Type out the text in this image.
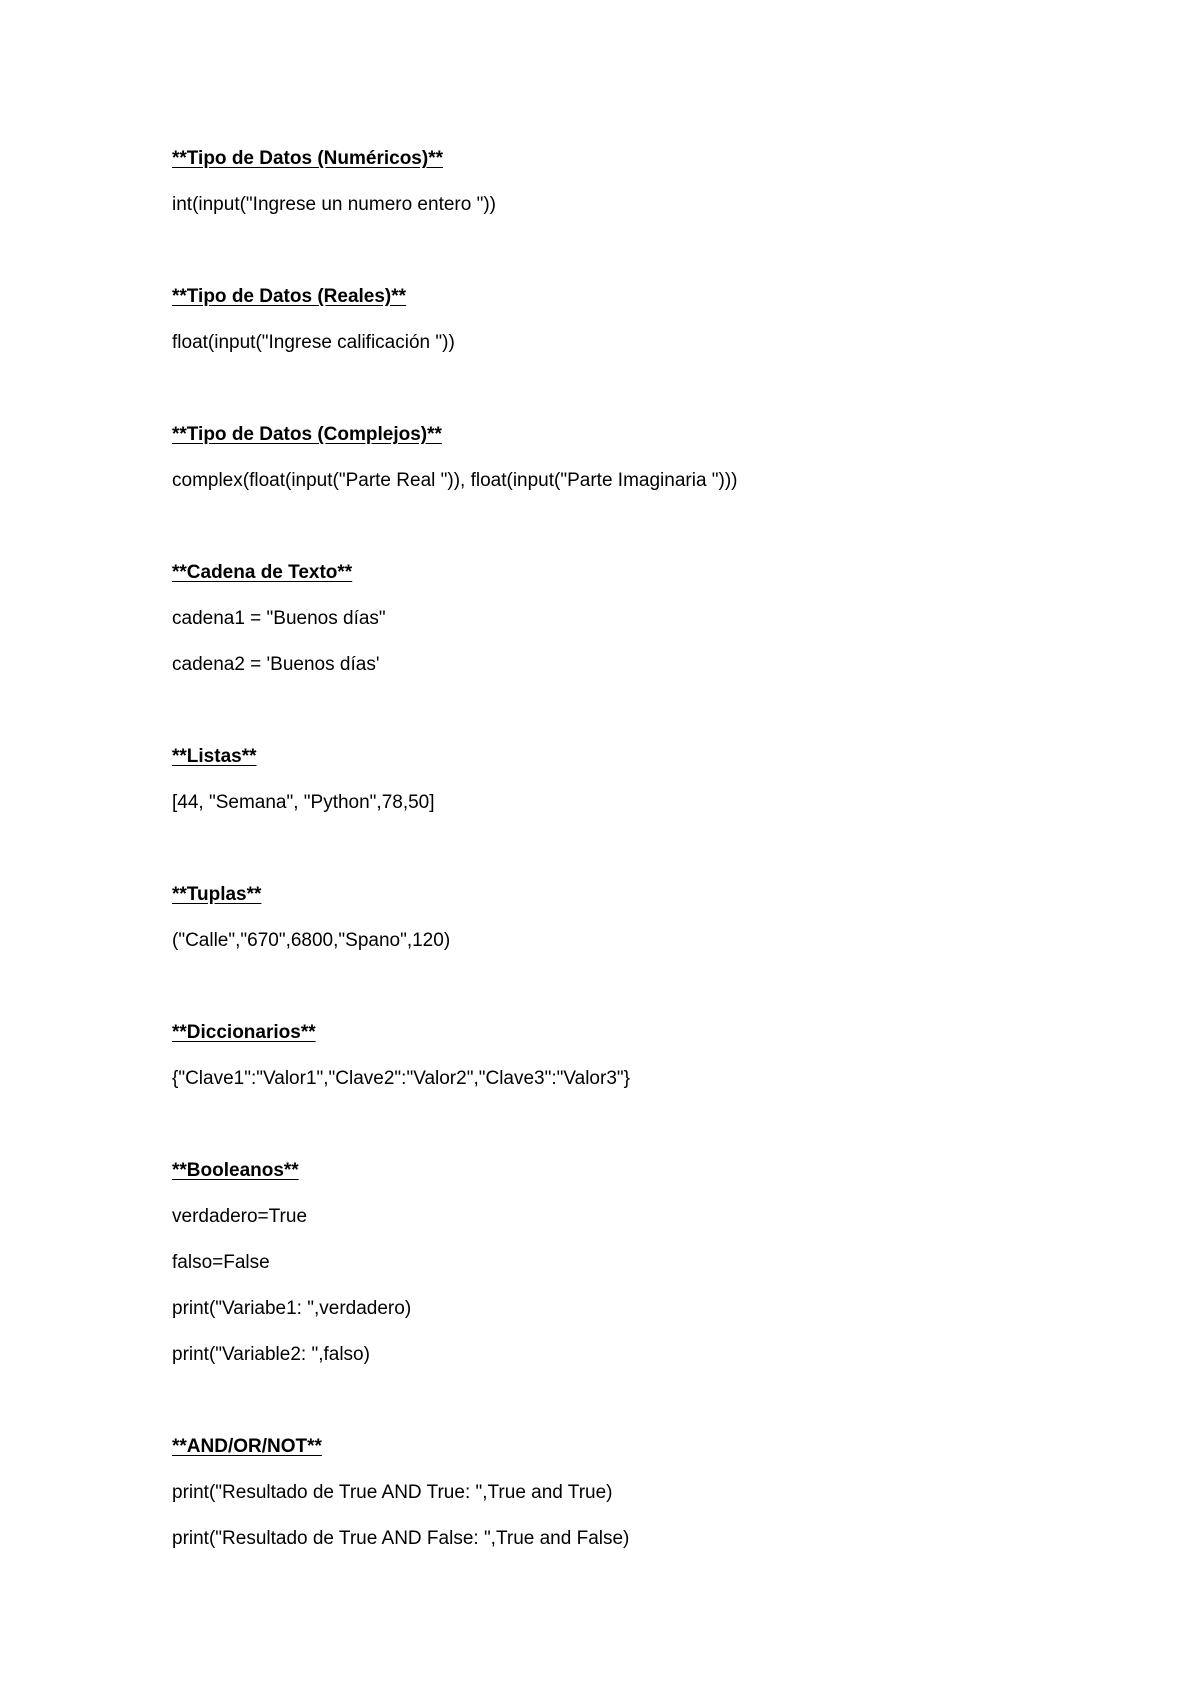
**Tipo de Datos (Numéricos)**
int(input("Ingrese un numero entero "))
**Tipo de Datos (Reales)**
float(input("Ingrese calificación "))
**Tipo de Datos (Complejos)**
complex(float(input("Parte Real ")), float(input("Parte Imaginaria ")))
**Cadena de Texto**
cadena1 = "Buenos días"
cadena2 = 'Buenos días'
**Listas**
[44, "Semana", "Python",78,50]
**Tuplas**
("Calle","670",6800,"Spano",120)
**Diccionarios**
{"Clave1":"Valor1","Clave2":"Valor2","Clave3":"Valor3"}
**Booleanos**
verdadero=True
falso=False
print("Variabe1: ",verdadero)
print("Variable2: ",falso)
**AND/OR/NOT**
print("Resultado de True AND True: ",True and True)
print("Resultado de True AND False: ",True and False)
